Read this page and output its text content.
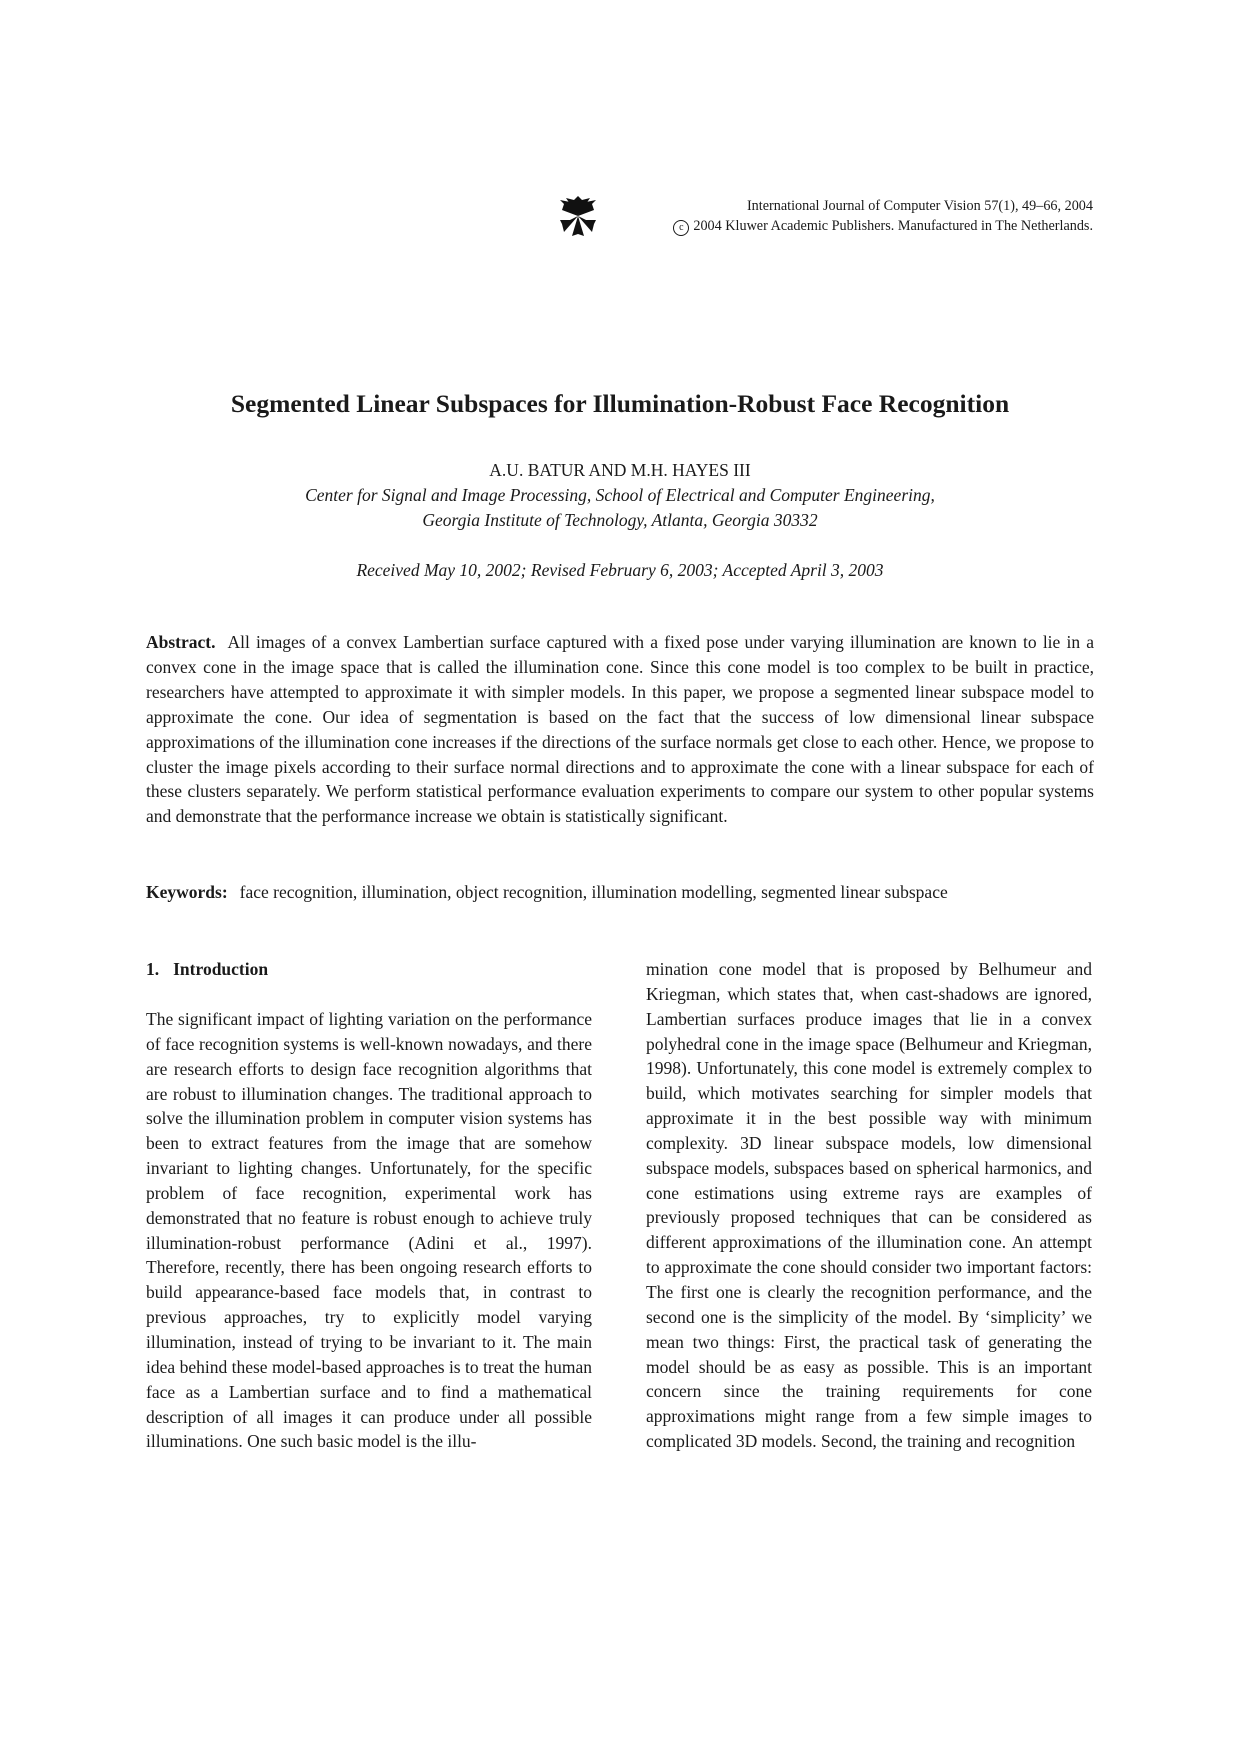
International Journal of Computer Vision 57(1), 49–66, 2004
c 2004 Kluwer Academic Publishers. Manufactured in The Netherlands.
Segmented Linear Subspaces for Illumination-Robust Face Recognition
A.U. BATUR AND M.H. HAYES III
Center for Signal and Image Processing, School of Electrical and Computer Engineering,
Georgia Institute of Technology, Atlanta, Georgia 30332
Received May 10, 2002; Revised February 6, 2003; Accepted April 3, 2003

Abstract. All images of a convex Lambertian surface captured with a fixed pose under varying illumination are known to lie in a convex cone in the image space that is called the illumination cone. Since this cone model is too complex to be built in practice, researchers have attempted to approximate it with simpler models. In this paper, we propose a segmented linear subspace model to approximate the cone. Our idea of segmentation is based on the fact that the success of low dimensional linear subspace approximations of the illumination cone increases if the directions of the surface normals get close to each other. Hence, we propose to cluster the image pixels according to their surface normal directions and to approximate the cone with a linear subspace for each of these clusters separately. We perform statistical performance evaluation experiments to compare our system to other popular systems and demonstrate that the performance increase we obtain is statistically significant.

Keywords: face recognition, illumination, object recognition, illumination modelling, segmented linear subspace
1. Introduction

The significant impact of lighting variation on the performance of face recognition systems is well-known nowadays, and there are research efforts to design face recognition algorithms that are robust to illumination changes. The traditional approach to solve the illumination problem in computer vision systems has been to extract features from the image that are somehow invariant to lighting changes. Unfortunately, for the specific problem of face recognition, experimental work has demonstrated that no feature is robust enough to achieve truly illumination-robust performance (Adini et al., 1997). Therefore, recently, there has been ongoing research efforts to build appearance-based face models that, in contrast to previous approaches, try to explicitly model varying illumination, instead of trying to be invariant to it. The main idea behind these model-based approaches is to treat the human face as a Lambertian surface and to find a mathematical description of all images it can produce under all possible illuminations. One such basic model is the illu-

mination cone model that is proposed by Belhumeur and Kriegman, which states that, when cast-shadows are ignored, Lambertian surfaces produce images that lie in a convex polyhedral cone in the image space (Belhumeur and Kriegman, 1998). Unfortunately, this cone model is extremely complex to build, which motivates searching for simpler models that approximate it in the best possible way with minimum complexity. 3D linear subspace models, low dimensional subspace models, subspaces based on spherical harmonics, and cone estimations using extreme rays are examples of previously proposed techniques that can be considered as different approximations of the illumination cone. An attempt to approximate the cone should consider two important factors: The first one is clearly the recognition performance, and the second one is the simplicity of the model. By ‘simplicity’ we mean two things: First, the practical task of generating the model should be as easy as possible. This is an important concern since the training requirements for cone approximations might range from a few simple images to complicated 3D models. Second, the training and recognition
